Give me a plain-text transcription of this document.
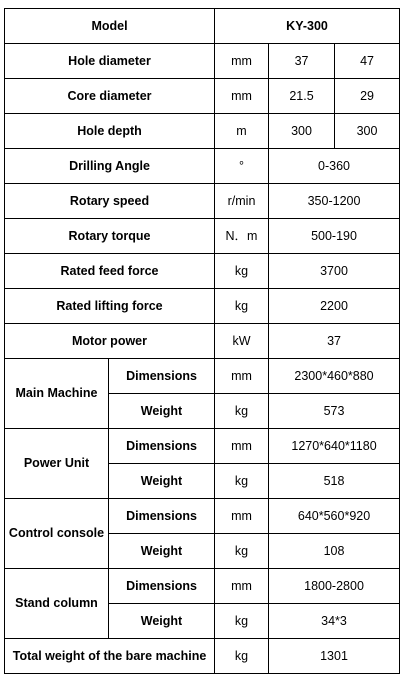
Model		KY-300		
Hole diameter		mm	37	47
Core diameter		mm	21.5	29
Hole depth		m	300	300
Drilling Angle		°	0-360	
Rotary speed		r/min	350-1200	
Rotary torque		N．m	500-190	
Rated feed force		kg	3700	
Rated lifting force		kg	2200	
Motor power		kW	37	
Main Machine	Dimensions	mm	2300*460*880	
	Weight	kg	573	
Power Unit	Dimensions	mm	1270*640*1180	
	Weight	kg	518	
Control console	Dimensions	mm	640*560*920	
	Weight	kg	108	
Stand column	Dimensions	mm	1800-2800	
	Weight	kg	34*3	
Total weight of the bare machine		kg	1301	
